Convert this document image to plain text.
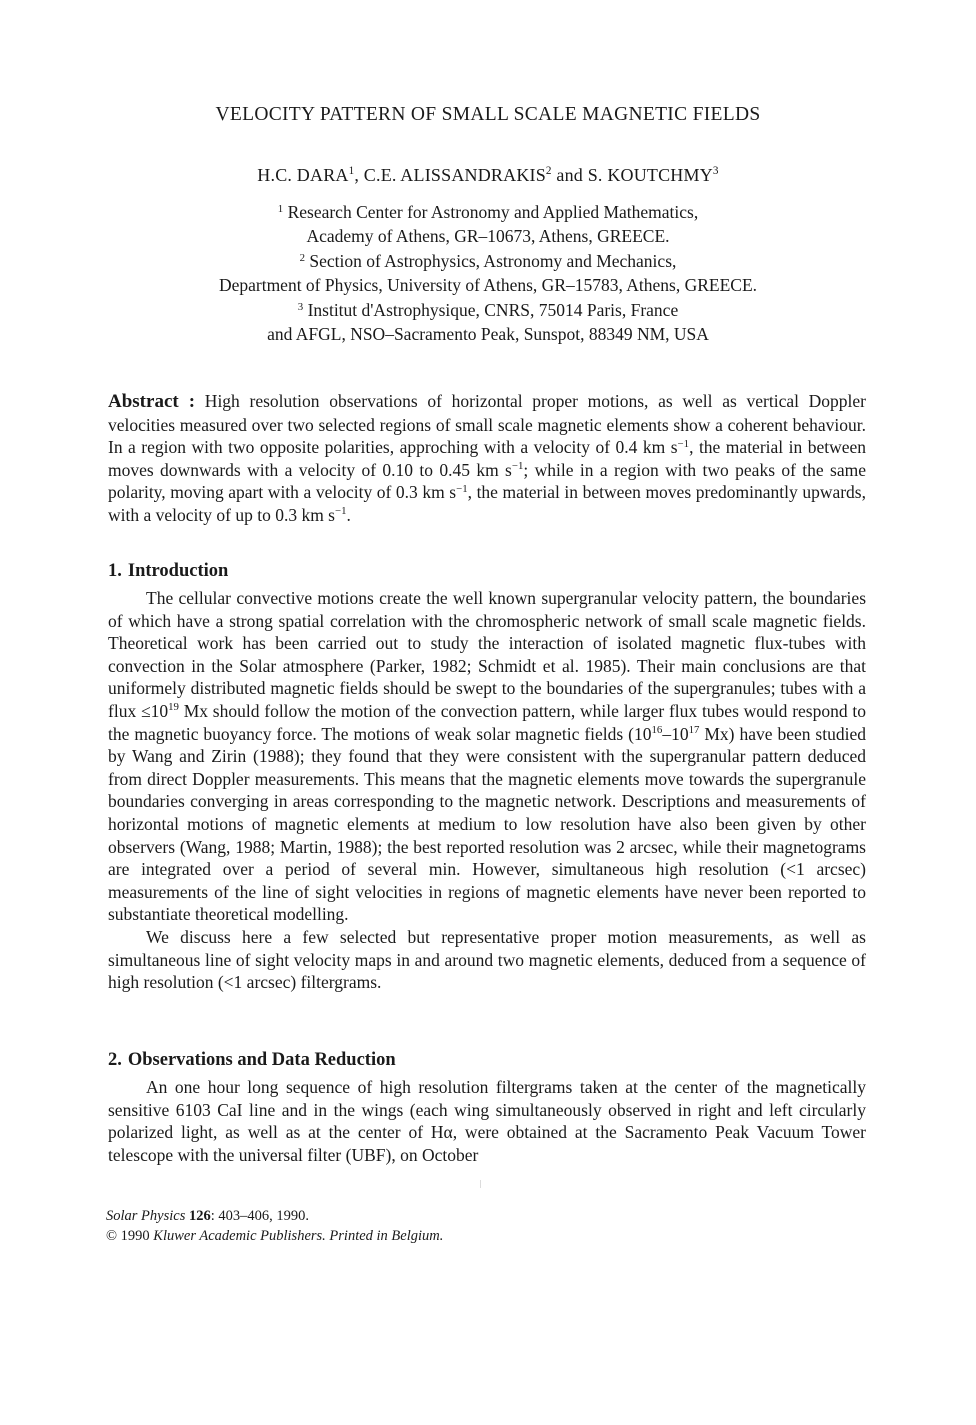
VELOCITY PATTERN OF SMALL SCALE MAGNETIC FIELDS
H.C. DARA$^1$, C.E. ALISSANDRAKIS$^2$ and S. KOUTCHMY$^3$
$^1$ Research Center for Astronomy and Applied Mathematics,
Academy of Athens, GR–10673, Athens, GREECE.
$^2$ Section of Astrophysics, Astronomy and Mechanics,
Department of Physics, University of Athens, GR–15783, Athens, GREECE.
$^3$ Institut d'Astrophysique, CNRS, 75014 Paris, France
and AFGL, NSO–Sacramento Peak, Sunspot, 88349 NM, USA

Abstract : High resolution observations of horizontal proper motions, as well as vertical Doppler velocities measured over two selected regions of small scale magnetic elements show a coherent behaviour. In a region with two opposite polarities, approching with a velocity of 0.4 km $s^{-1}$, the material in between moves downwards with a velocity of 0.10 to 0.45 km $s^{-1}$; while in a region with two peaks of the same polarity, moving apart with a velocity of 0.3 km $s^{-1}$, the material in between moves predominantly upwards, with a velocity of up to 0.3 km $s^{-1}$.

1. Introduction

The cellular convective motions create the well known supergranular velocity pattern, the boundaries of which have a strong spatial correlation with the chromospheric network of small scale magnetic fields. Theoretical work has been carried out to study the interaction of isolated magnetic flux-tubes with convection in the Solar atmosphere (Parker, 1982; Schmidt et al. 1985). Their main conclusions are that uniformely distributed magnetic fields should be swept to the boundaries of the supergranules; tubes with a flux $\le 10^{19}$ Mx should follow the motion of the convection pattern, while larger flux tubes would respond to the magnetic buoyancy force. The motions of weak solar magnetic fields ($10^{16}-10^{17}$ Mx) have been studied by Wang and Zirin (1988); they found that they were consistent with the supergranular pattern deduced from direct Doppler measurements. This means that the magnetic elements move towards the supergranule boundaries converging in areas corresponding to the magnetic network. Descriptions and measurements of horizontal motions of magnetic elements at medium to low resolution have also been given by other observers (Wang, 1988; Martin, 1988); the best reported resolution was 2 arcsec, while their magnetograms are integrated over a period of several min. However, simultaneous high resolution (<1 arcsec) measurements of the line of sight velocities in regions of magnetic elements have never been reported to substantiate theoretical modelling.

We discuss here a few selected but representative proper motion measurements, as well as simultaneous line of sight velocity maps in and around two magnetic elements, deduced from a sequence of high resolution (<1 arcsec) filtergrams.

2. Observations and Data Reduction

An one hour long sequence of high resolution filtergrams taken at the center of the magnetically sensitive 6103 CaI line and in the wings (each wing simultaneously observed in right and left circularly polarized light, as well as at the center of Hα, were obtained at the Sacramento Peak Vacuum Tower telescope with the universal filter (UBF), on October

Solar Physics 126: 403–406, 1990.
© 1990 Kluwer Academic Publishers. Printed in Belgium.
